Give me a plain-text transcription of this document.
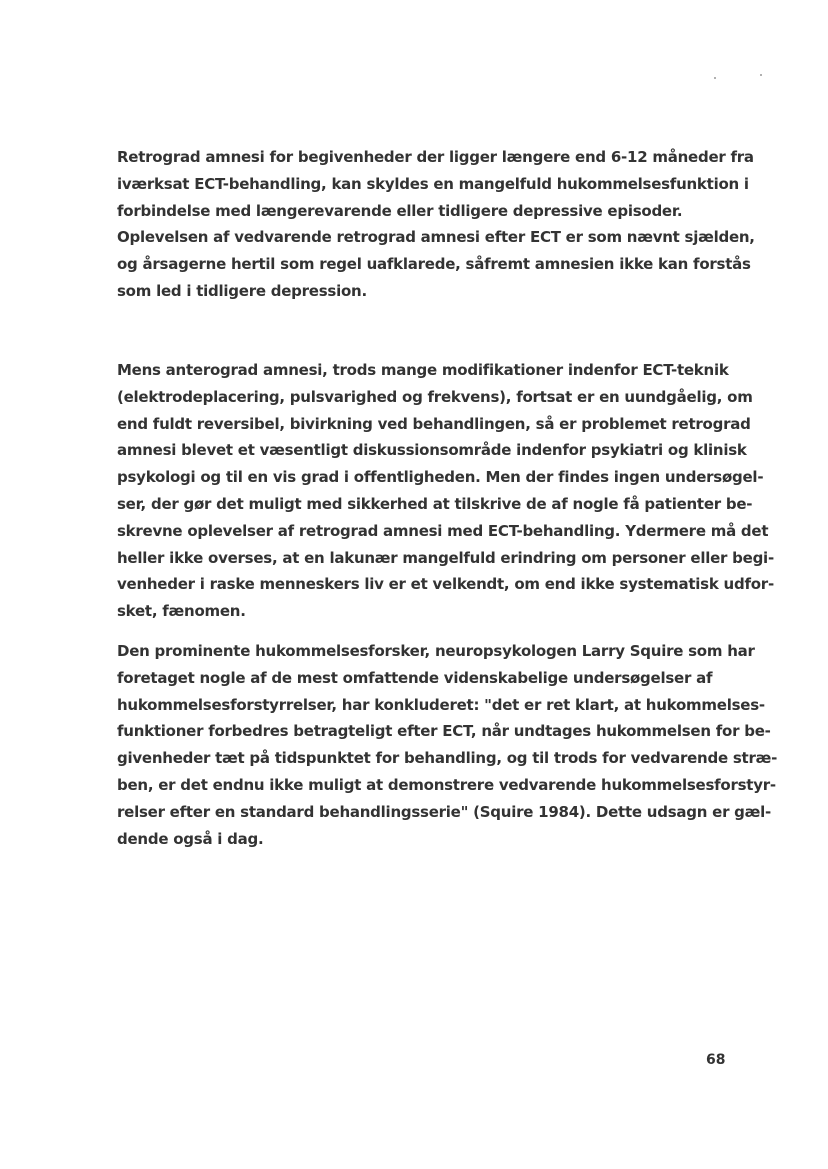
Retrograd amnesi for begivenheder der ligger længere end 6-12 måneder fra
iværksat ECT-behandling, kan skyldes en mangelfuld hukommelsesfunktion i
forbindelse med længerevarende eller tidligere depressive episoder.
Oplevelsen af vedvarende retrograd amnesi efter ECT er som nævnt sjælden,
og årsagerne hertil som regel uafklarede, såfremt amnesien ikke kan forstås
som led i tidligere depression.

Mens anterograd amnesi, trods mange modifikationer indenfor ECT-teknik
(elektrodeplacering, pulsvarighed og frekvens), fortsat er en uundgåelig, om
end fuldt reversibel, bivirkning ved behandlingen, så er problemet retrograd
amnesi blevet et væsentligt diskussionsområde indenfor psykiatri og klinisk
psykologi og til en vis grad i offentligheden. Men der findes ingen undersøgel-
ser, der gør det muligt med sikkerhed at tilskrive de af nogle få patienter be-
skrevne oplevelser af retrograd amnesi med ECT-behandling. Ydermere må det
heller ikke overses, at en lakunær mangelfuld erindring om personer eller begi-
venheder i raske menneskers liv er et velkendt, om end ikke systematisk udfor-
sket, fænomen.

Den prominente hukommelsesforsker, neuropsykologen Larry Squire som har
foretaget nogle af de mest omfattende videnskabelige undersøgelser af
hukommelsesforstyrrelser, har konkluderet: "det er ret klart, at hukommelses-
funktioner forbedres betragteligt efter ECT, når undtages hukommelsen for be-
givenheder tæt på tidspunktet for behandling, og til trods for vedvarende stræ-
ben, er det endnu ikke muligt at demonstrere vedvarende hukommelsesforstyr-
relser efter en standard behandlingsserie" (Squire 1984). Dette udsagn er gæl-
dende også i dag.

68
